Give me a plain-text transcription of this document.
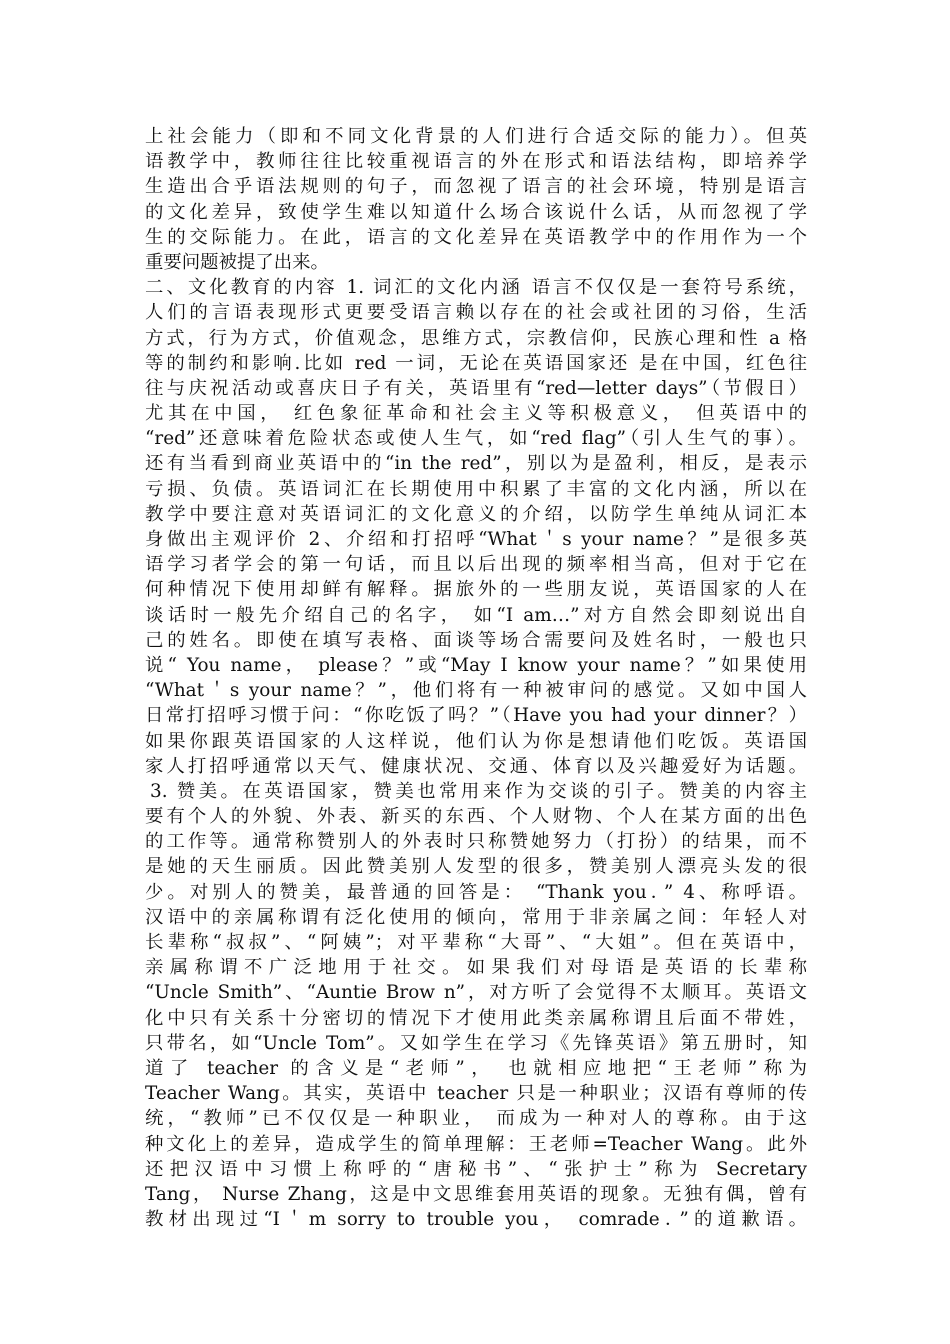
上社会能力（即和不同文化背景的人们进行合适交际的能力）。但英
语教学中，教师往往比较重视语言的外在形式和语法结构，即培养学
生造出合乎语法规则的句子，而忽视了语言的社会环境，特别是语言
的文化差异，致使学生难以知道什么场合该说什么话，从而忽视了学
生的交际能力。在此，语言的文化差异在英语教学中的作用作为一个
重要问题被提了出来。
二、文化教育的内容 1. 词汇的文化内涵 语言不仅仅是一套符号系统，
人们的言语表现形式更要受语言赖以存在的社会或社团的习俗，生活
方式，行为方式，价值观念，思维方式，宗教信仰，民族心理和性 a 格
等的制约和影响.比如 red 一词，无论在英语国家还 是在中国，红色往
往与庆祝活动或喜庆日子有关，英语里有“red—letter days”（节假日）
尤其在中国， 红色象征革命和社会主义等积极意义， 但英语中的
“red”还意味着危险状态或使人生气，如“red flag”（引人生气的事）。
还有当看到商业英语中的“in the red”，别以为是盈利，相反，是表示
亏损、负债。英语词汇在长期使用中积累了丰富的文化内涵，所以在
教学中要注意对英语词汇的文化意义的介绍，以防学生单纯从词汇本
身做出主观评价 2、介绍和打招呼“What＇s your name？”是很多英
语学习者学会的第一句话，而且以后出现的频率相当高，但对于它在
何种情况下使用却鲜有解释。据旅外的一些朋友说，英语国家的人在
谈话时一般先介绍自己的名字， 如“I am…”对方自然会即刻说出自
己的姓名。即使在填写表格、面谈等场合需要问及姓名时，一般也只
说“ You name， please？”或“May I know your name？”如果使用
“What＇s your name？”，他们将有一种被审问的感觉。又如中国人
日常打招呼习惯于问：“你吃饭了吗？”（Have you had your dinner？）
如果你跟英语国家的人这样说，他们认为你是想请他们吃饭。英语国
家人打招呼通常以天气、健康状况、交通、体育以及兴趣爱好为话题。
3. 赞美。在英语国家，赞美也常用来作为交谈的引子。赞美的内容主
要有个人的外貌、外表、新买的东西、个人财物、个人在某方面的出色
的工作等。通常称赞别人的外表时只称赞她努力（打扮）的结果，而不
是她的天生丽质。因此赞美别人发型的很多，赞美别人漂亮头发的很
少。对别人的赞美，最普通的回答是： “Thank you．” 4、称呼语。
汉语中的亲属称谓有泛化使用的倾向，常用于非亲属之间：年轻人对
长辈称“叔叔”、“阿姨”；对平辈称“大哥”、“大姐”。但在英语中，
亲属称谓不广泛地用于社交。如果我们对母语是英语的长辈称
“Uncle Smith”、“Auntie Brow n”，对方听了会觉得不太顺耳。英语文
化中只有关系十分密切的情况下才使用此类亲属称谓且后面不带姓，
只带名，如“Uncle Tom”。又如学生在学习《先锋英语》第五册时，知
道了 teacher 的含义是“老师”， 也就相应地把“王老师”称为
Teacher Wang。其实，英语中 teacher 只是一种职业；汉语有尊师的传
统，“教师”已不仅仅是一种职业， 而成为一种对人的尊称。由于这
种文化上的差异，造成学生的简单理解：王老师=Teacher Wang。此外
还把汉语中习惯上称呼的“唐秘书”、“张护士”称为 Secretary
Tang， Nurse Zhang，这是中文思维套用英语的现象。无独有偶，曾有
教材出现过“I＇m sorry to trouble you， comrade．”的道歉语。
